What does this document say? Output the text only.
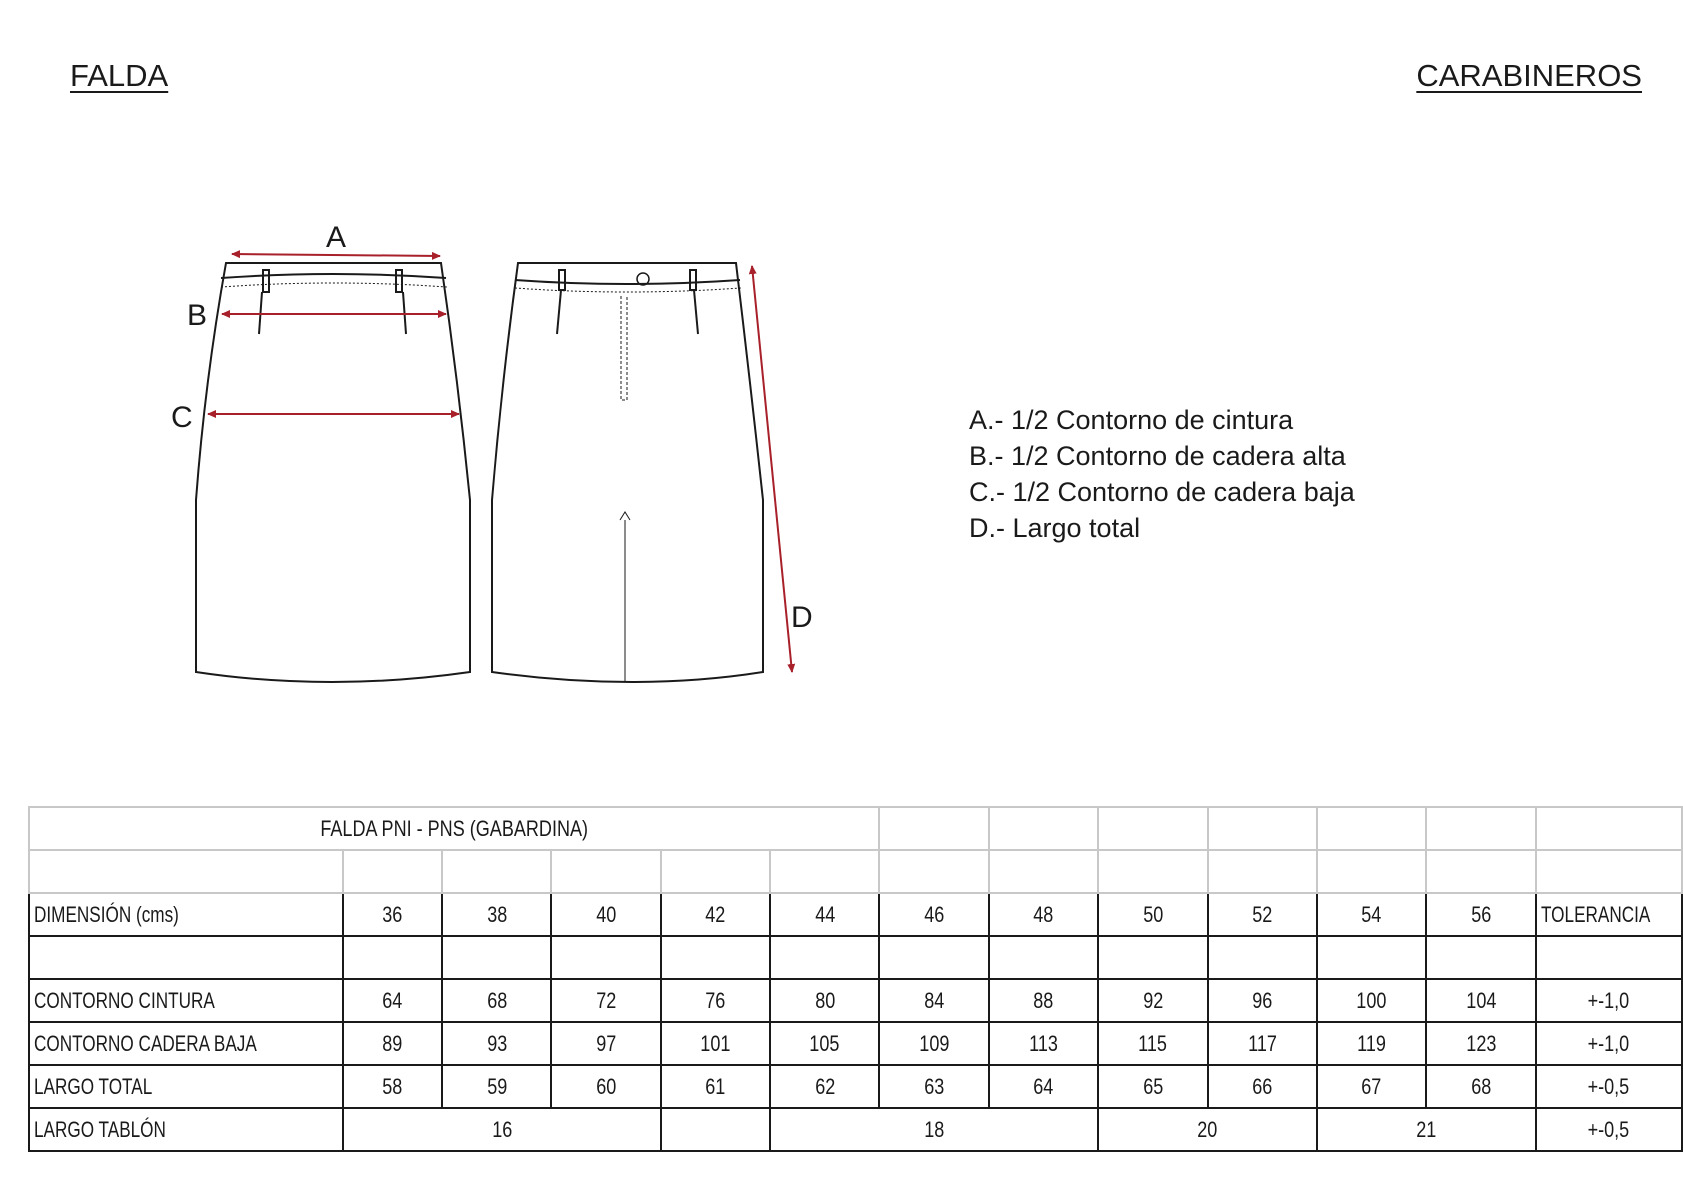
FALDA	CARABINEROS
A
B
C
D
A.- 1/2 Contorno de cintura
B.- 1/2 Contorno de cadera alta
C.- 1/2 Contorno de cadera baja
D.- Largo total
FALDA PNI - PNS (GABARDINA)												

DIMENSIÓN (cms)	36	38	40	42	44	46	48	50	52	54	56	TOLERANCIA

CONTORNO CINTURA	64	68	72	76	80	84	88	92	96	100	104	+-1,0
CONTORNO CADERA BAJA	89	93	97	101	105	109	113	115	117	119	123	+-1,0
LARGO TOTAL	58	59	60	61	62	63	64	65	66	67	68	+-0,5
LARGO TABLÓN	16				18			20		21		+-0,5
